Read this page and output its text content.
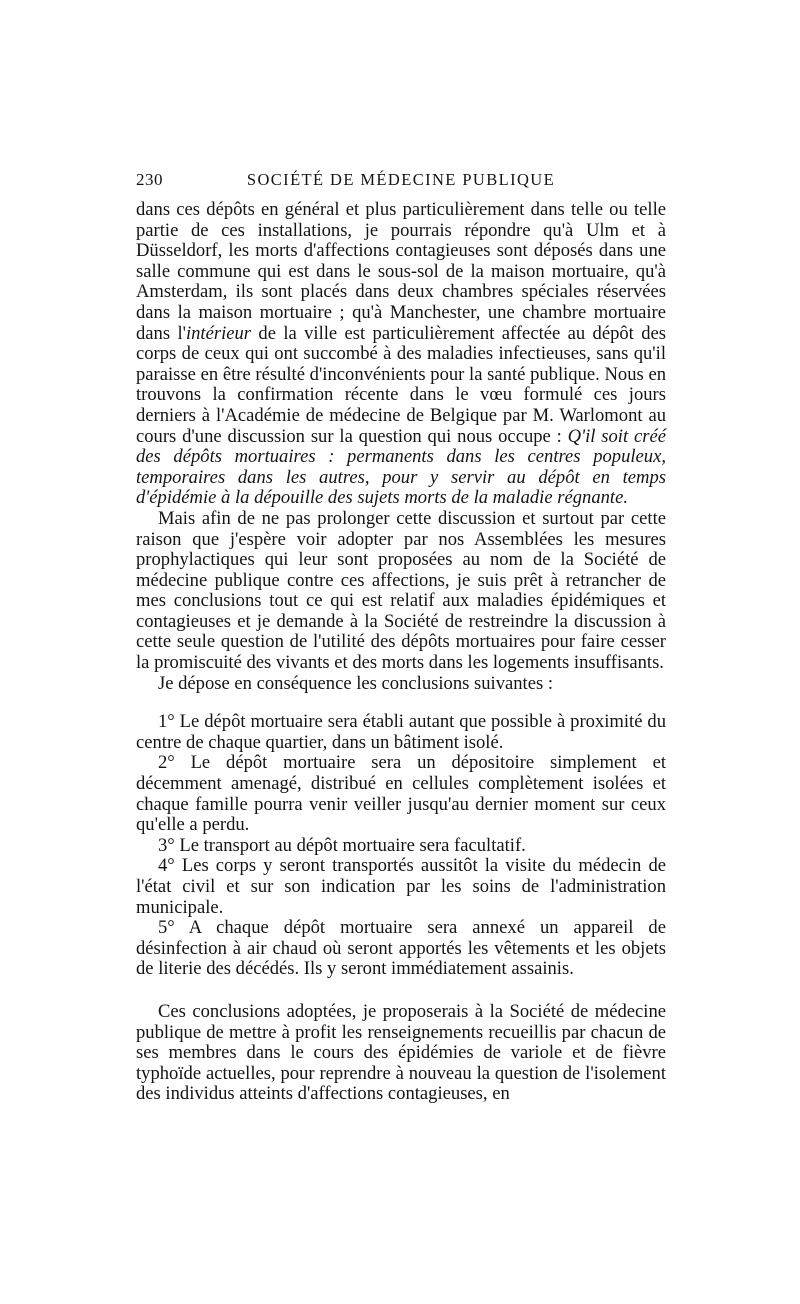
230	SOCIÉTÉ DE MÉDECINE PUBLIQUE

dans ces dépôts en général et plus particulièrement dans telle ou telle partie de ces installations, je pourrais répondre qu'à Ulm et à Düsseldorf, les morts d'affections contagieuses sont déposés dans une salle commune qui est dans le sous-sol de la maison mortuaire, qu'à Amsterdam, ils sont placés dans deux chambres spéciales réservées dans la maison mortuaire ; qu'à Manchester, une chambre mortuaire dans l'intérieur de la ville est particulièrement affectée au dépôt des corps de ceux qui ont succombé à des maladies infectieuses, sans qu'il paraisse en être résulté d'inconvénients pour la santé publique. Nous en trouvons la confirmation récente dans le vœu formulé ces jours derniers à l'Académie de médecine de Belgique par M. Warlomont au cours d'une discussion sur la question qui nous occupe : Q'il soit créé des dépôts mortuaires : permanents dans les centres populeux, temporaires dans les autres, pour y servir au dépôt en temps d'épidémie à la dépouille des sujets morts de la maladie régnante.

Mais afin de ne pas prolonger cette discussion et surtout par cette raison que j'espère voir adopter par nos Assemblées les mesures prophylactiques qui leur sont proposées au nom de la Société de médecine publique contre ces affections, je suis prêt à retrancher de mes conclusions tout ce qui est relatif aux maladies épidémiques et contagieuses et je demande à la Société de restreindre la discussion à cette seule question de l'utilité des dépôts mortuaires pour faire cesser la promiscuité des vivants et des morts dans les logements insuffisants.

Je dépose en conséquence les conclusions suivantes :

1° Le dépôt mortuaire sera établi autant que possible à proximité du centre de chaque quartier, dans un bâtiment isolé.

2° Le dépôt mortuaire sera un dépositoire simplement et décemment amenagé, distribué en cellules complètement isolées et chaque famille pourra venir veiller jusqu'au dernier moment sur ceux qu'elle a perdu.

3° Le transport au dépôt mortuaire sera facultatif.

4° Les corps y seront transportés aussitôt la visite du médecin de l'état civil et sur son indication par les soins de l'administration municipale.

5° A chaque dépôt mortuaire sera annexé un appareil de désinfection à air chaud où seront apportés les vêtements et les objets de literie des décédés. Ils y seront immédiatement assainis.

Ces conclusions adoptées, je proposerais à la Société de médecine publique de mettre à profit les renseignements recueillis par chacun de ses membres dans le cours des épidémies de variole et de fièvre typhoïde actuelles, pour reprendre à nouveau la question de l'isolement des individus atteints d'affections contagieuses, en
